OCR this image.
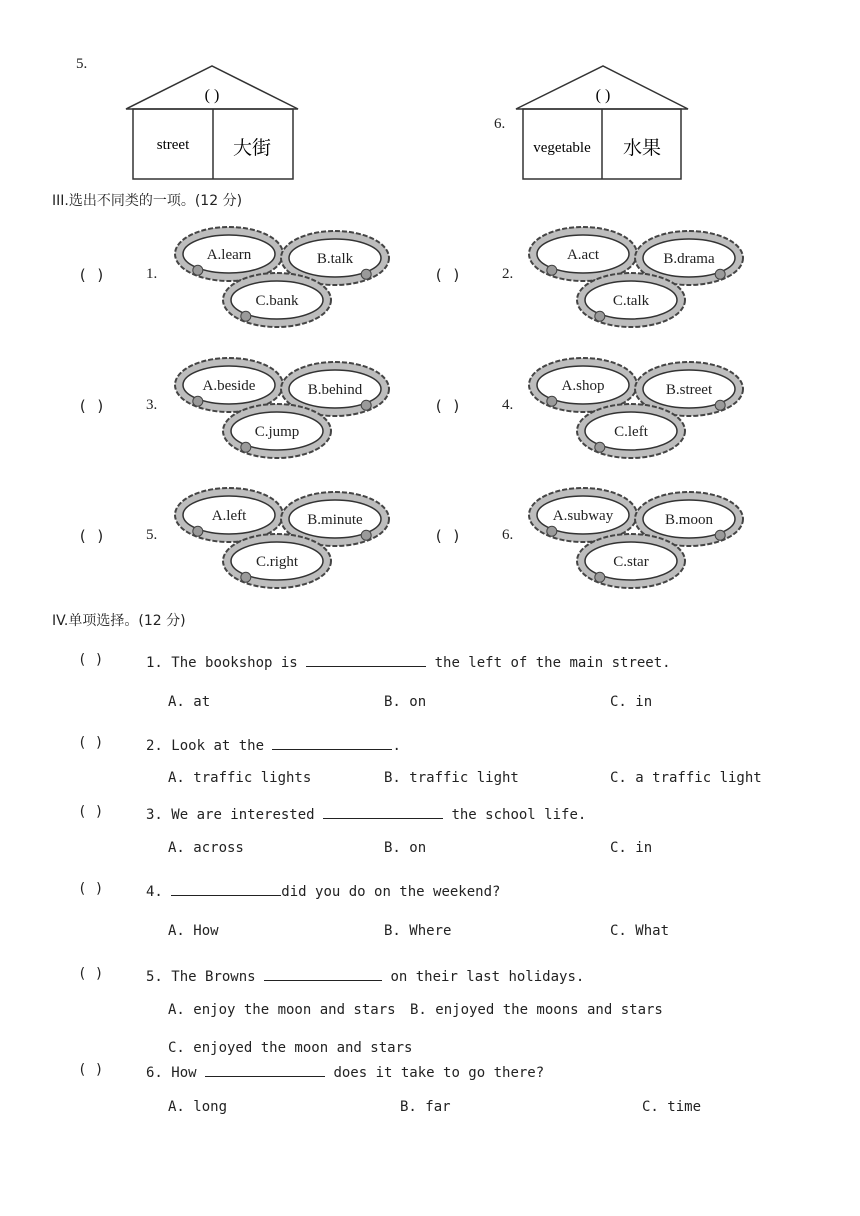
5.
( )
street 大街
6.
( )
vegetable 水果
III.选出不同类的一项。(12 分)
( )	1.
A.learn	B.talk
C.bank
( )	2.
A.act	B.drama
C.talk
( )	3.
A.beside	B.behind
C.jump
( )	4.
A.shop	B.street
C.left
( )	5.
A.left	B.minute
C.right
( )	6.
A.subway	B.moon
C.star
IV.单项选择。(12 分)
( )	1. The bookshop is	the left of the main street.
A. at	B. on	C. in
( )	2. Look at the	.
A. traffic lights	B. traffic light	C. a traffic light
( )	3. We are interested	the school life.
A. across	B. on	C. in
( )	4.	did you do on the weekend?
A. How	B. Where	C. What
( )	5. The Browns	on their last holidays.
A. enjoy the moon and stars B. enjoyed the moons and stars
C. enjoyed the moon and stars
( )	6. How	does it take to go there?
A. long	B. far	C. time
